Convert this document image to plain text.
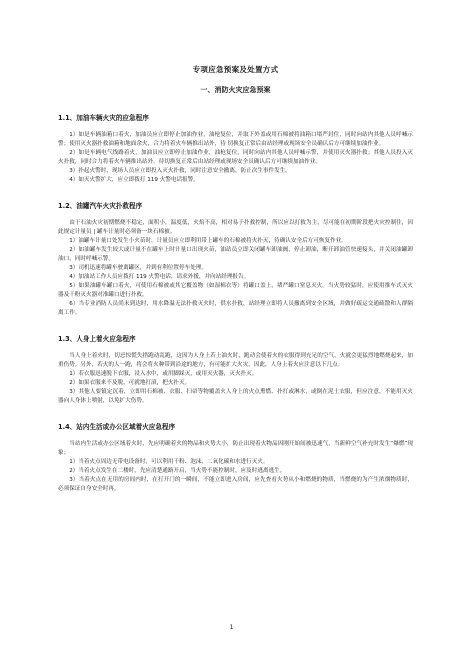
专项应急预案及处置方式
一、消防火灾应急预案
1.1、加油车辆火灾的应急程序

1）如是车辆油箱口着火，加油员应立即停止加油作业，油枪复位，并取下外盖或用石棉被将油箱口堵严封住，同时向站内其他人员呼喊示警；使用灭火器扑救油箱和地面余火，合力将着火车辆推出站外，待 切换复正常后由站经理或现场安全员确认后方可继续加油作业。

2）如是车辆电气线路着火，加油员应立即停止加油作业，油枪复位，同时向站内其他人员呼喊示警，并使用灭火器扑救；其他人员投入灭火扑救，同时合力将着火车辆推出站外，待切换复正常后由站经理或现场安全员确认后方可继续加油作业。

3）扑起火警时，现场人员应立即投入灭火扑救，同时注意安全撤离，防止次生事件发生。

4）如灭火警扩大，应立即拨打 119 火警电话报警。

1.2、油罐汽车火灾扑救程序

由于石油火灾初期燃烧不稳定，面积小，温度低，火焰不高，相对易于扑救控制，所以应以打救为主，尽可能在初期阶段把火灾控制住，因此规定计量员 | 罐车计量时必须备一块石棉被。

1）油罐车计量口处发生小火苗时，计量员应立即利用带上罐车的石棉被将火扑灭，待确认安全后方可恢复作业。

2）如油罐车发生较大或计量不在罐车上时计量口出现火苗，油站员立即关闭罐车卸油阀，停止卸油，断开卸油管快速接头，并关闭油罐卸油口，同时呼喊示警。

3）司机迅速将罐车驶离罐区，并到有利位置停车处理。

4）加油站工作人员应拨打 119 火警电话，请求外援，并向站经理报告。

5）如果油罐车罐口着火，可使用石棉被或其它覆盖物（如湿棉衣等）将罐口盖上，堵严罐口窒息灭火。当火势较猛时，应使用推车式灭火器及干粉灭火器对准罐口进行扑救。

6）当专业消防人员尚未到达时，用水降温无法扑救灭火时，供水扑救，站经理立即将人员撤离到安全区域，并做好疏运交通疏散和人群隔离工作。

1.3、人身上着火应急程序

当人身上着火时，切忌惊慌失措跑动乱跑，这因为人身上若上油火时，跑动会使着火的衣服得到充足的空气，火就会更猛烈地燃烧起来，加重伤势。另外，若火的人一跑，将会将火种带到沿途的地方，有可能扩大火灾。因此，人身上着火应注意以下几点：

1）若衣服迅速脱下衣服，浸入水中，或用脚踩灭，或用灭火器，灭火扑灭。

2）如果衣服来不及脱，可就地打滚，把火扑灭。

3）其他人要镇定沉着，立即用石棉被、衣服、扫帚等物覆盖火人身上的火点熏燃、扑打或淋水，或倒在泥土衣服，但应注意，不能用灭火器向人身体上喷射，以免扩大伤势。

1.4、站内生活或办公区域着火应急程序

当站内生活或办公区域着火时，先应明确着火的物品和火势大小，防止出现着火物品因刚开始间被迅速气，当新鲜空气补充时发生“爆燃”现象；

1）当着火点周边无带电设备时，可以利用干粉、泡沫、二氧化碳和水进行灭火。

2）当着火点发生在二楼时，先应清楚通路开启，当火势不能控制时，应及时逃离逃生。

3）当着火点在无用的房间内时，在打开门的一瞬间，不能立即进入房间，应先查看火势从小和燃烧的物质，当燃烧的为产生浓烟物质时，必须保证自身安全时再。

1
